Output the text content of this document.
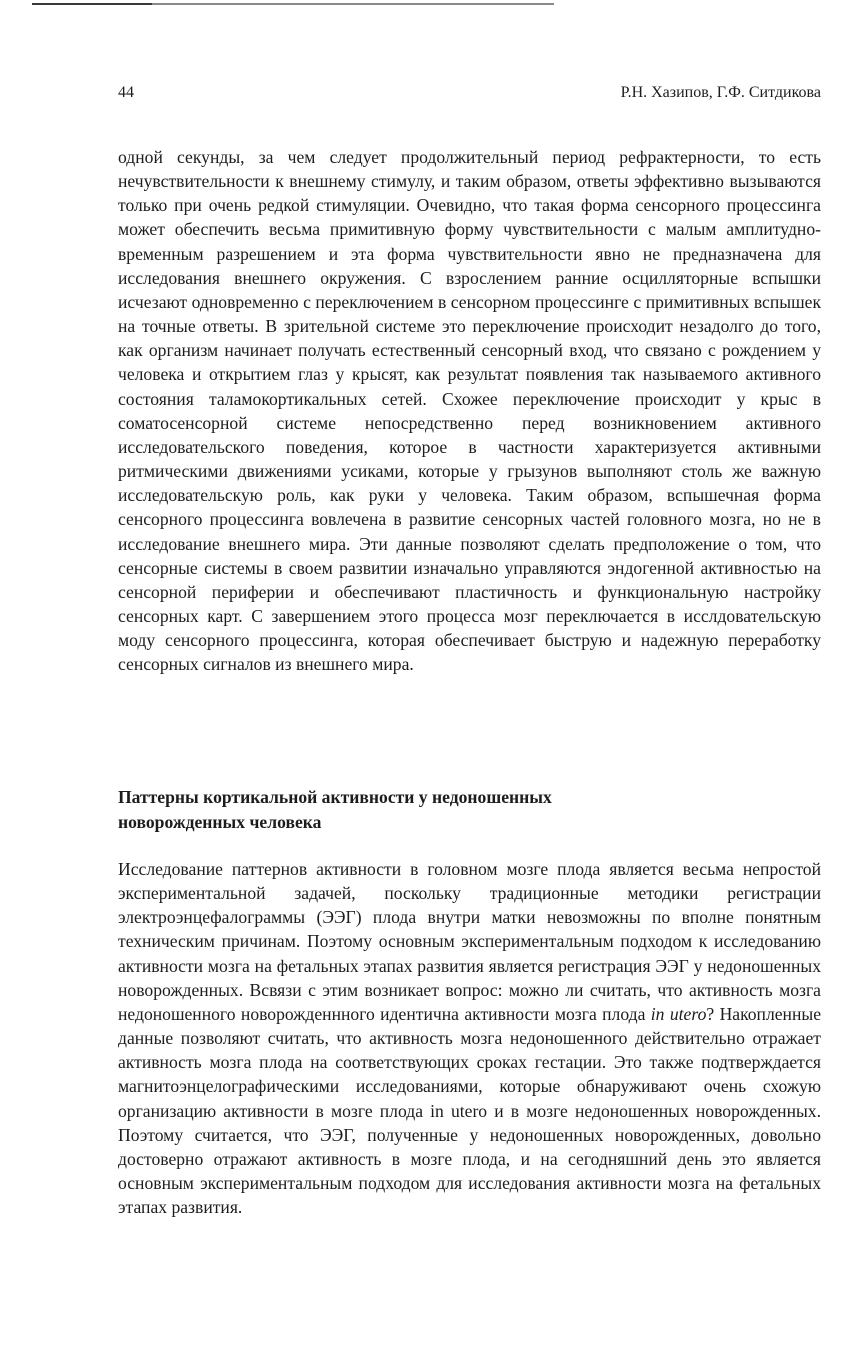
44	Р.Н. Хазипов, Г.Ф. Ситдикова

одной секунды, за чем следует продолжительный период рефрактерности, то есть нечувствительности к внешнему стимулу, и таким образом, ответы эффективно вызываются только при очень редкой стимуляции. Очевидно, что такая форма сенсорного процессинга может обеспечить весьма примитивную форму чувствительности с малым амплитудно-временным разрешением и эта форма чувствительности явно не предназначена для исследования внешнего окружения. С взрослением ранние осцилляторные вспышки исчезают одновременно с переключением в сенсорном процессинге с примитивных вспышек на точные ответы. В зрительной системе это переключение происходит незадолго до того, как организм начинает получать естественный сенсорный вход, что связано с рождением у человека и открытием глаз у крысят, как результат появления так называемого активного состояния таламокортикальных сетей. Схожее переключение происходит у крыс в соматосенсорной системе непосредственно перед возникновением активного исследовательского поведения, которое в частности характеризуется активными ритмическими движениями усиками, которые у грызунов выполняют столь же важную исследовательскую роль, как руки у человека. Таким образом, вспышечная форма сенсорного процессинга вовлечена в развитие сенсорных частей головного мозга, но не в исследование внешнего мира. Эти данные позволяют сделать предположение о том, что сенсорные системы в своем развитии изначально управляются эндогенной активностью на сенсорной периферии и обеспечивают пластичность и функциональную настройку сенсорных карт. С завершением этого процесса мозг переключается в исслдовательскую моду сенсорного процессинга, которая обеспечивает быструю и надежную переработку сенсорных сигналов из внешнего мира.

Паттерны кортикальной активности у недоношенных
новорожденных человека

Исследование паттернов активности в головном мозге плода является весьма непростой экспериментальной задачей, поскольку традиционные методики регистрации электроэнцефалограммы (ЭЭГ) плода внутри матки невозможны по вполне понятным техническим причинам. Поэтому основным экспериментальным подходом к исследованию активности мозга на фетальных этапах развития является регистрация ЭЭГ у недоношенных новорожденных. Всвязи с этим возникает вопрос: можно ли считать, что активность мозга недоношенного новорожденнного идентична активности мозга плода in utero? Накопленные данные позволяют считать, что активность мозга недоношенного действительно отражает активность мозга плода на соответствующих сроках гестации. Это также подтверждается магнитоэнцелографическими исследованиями, которые обнаруживают очень схожую организацию активности в мозге плода in utero и в мозге недоношенных новорожденных. Поэтому считается, что ЭЭГ, полученные у недоношенных новорожденных, довольно достоверно отражают активность в мозге плода, и на сегодняшний день это является основным экспериментальным подходом для исследования активности мозга на фетальных этапах развития.
